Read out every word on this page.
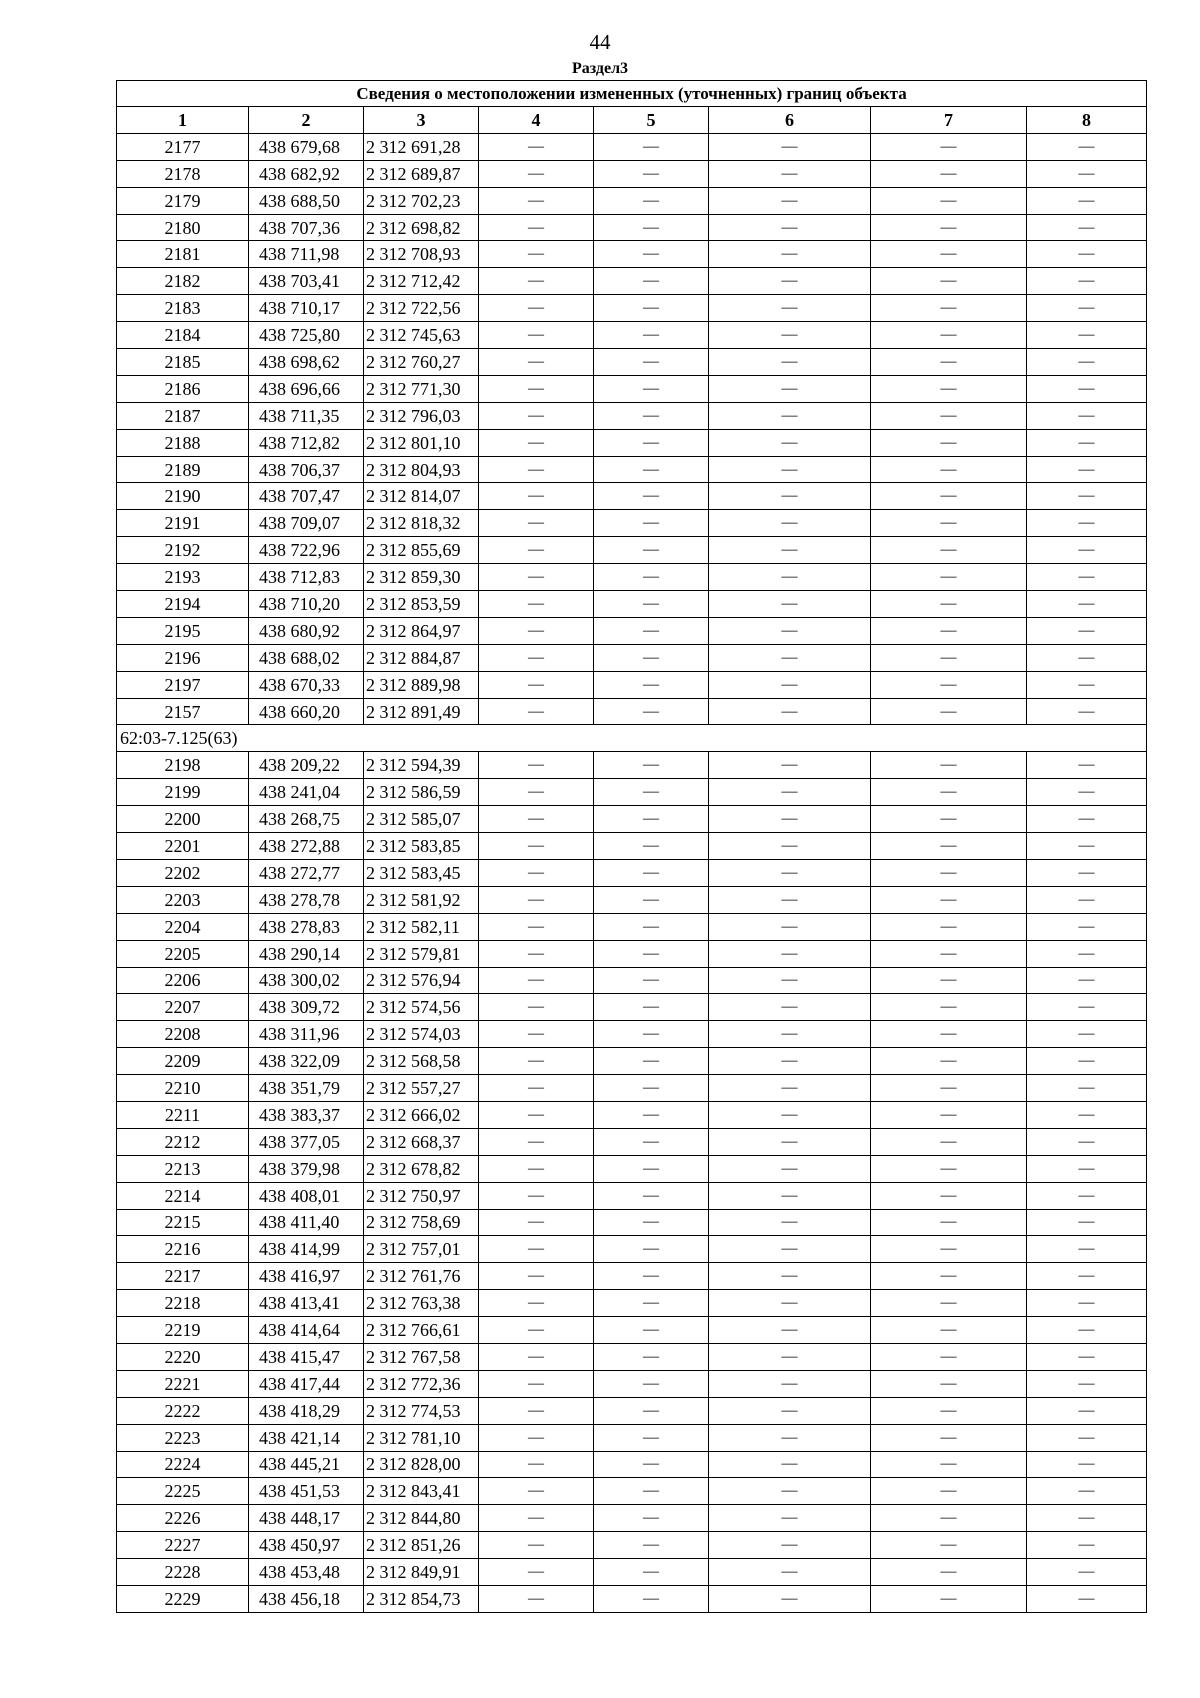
44
Раздел3
Сведения о местоположении измененных (уточненных) границ объекта							
1	2	3	4	5	6	7	8
2177	438 679,68	2 312 691,28	—	—	—	—	—
2178	438 682,92	2 312 689,87	—	—	—	—	—
2179	438 688,50	2 312 702,23	—	—	—	—	—
2180	438 707,36	2 312 698,82	—	—	—	—	—
2181	438 711,98	2 312 708,93	—	—	—	—	—
2182	438 703,41	2 312 712,42	—	—	—	—	—
2183	438 710,17	2 312 722,56	—	—	—	—	—
2184	438 725,80	2 312 745,63	—	—	—	—	—
2185	438 698,62	2 312 760,27	—	—	—	—	—
2186	438 696,66	2 312 771,30	—	—	—	—	—
2187	438 711,35	2 312 796,03	—	—	—	—	—
2188	438 712,82	2 312 801,10	—	—	—	—	—
2189	438 706,37	2 312 804,93	—	—	—	—	—
2190	438 707,47	2 312 814,07	—	—	—	—	—
2191	438 709,07	2 312 818,32	—	—	—	—	—
2192	438 722,96	2 312 855,69	—	—	—	—	—
2193	438 712,83	2 312 859,30	—	—	—	—	—
2194	438 710,20	2 312 853,59	—	—	—	—	—
2195	438 680,92	2 312 864,97	—	—	—	—	—
2196	438 688,02	2 312 884,87	—	—	—	—	—
2197	438 670,33	2 312 889,98	—	—	—	—	—
2157	438 660,20	2 312 891,49	—	—	—	—	—
62:03-7.125(63)							
2198	438 209,22	2 312 594,39	—	—	—	—	—
2199	438 241,04	2 312 586,59	—	—	—	—	—
2200	438 268,75	2 312 585,07	—	—	—	—	—
2201	438 272,88	2 312 583,85	—	—	—	—	—
2202	438 272,77	2 312 583,45	—	—	—	—	—
2203	438 278,78	2 312 581,92	—	—	—	—	—
2204	438 278,83	2 312 582,11	—	—	—	—	—
2205	438 290,14	2 312 579,81	—	—	—	—	—
2206	438 300,02	2 312 576,94	—	—	—	—	—
2207	438 309,72	2 312 574,56	—	—	—	—	—
2208	438 311,96	2 312 574,03	—	—	—	—	—
2209	438 322,09	2 312 568,58	—	—	—	—	—
2210	438 351,79	2 312 557,27	—	—	—	—	—
2211	438 383,37	2 312 666,02	—	—	—	—	—
2212	438 377,05	2 312 668,37	—	—	—	—	—
2213	438 379,98	2 312 678,82	—	—	—	—	—
2214	438 408,01	2 312 750,97	—	—	—	—	—
2215	438 411,40	2 312 758,69	—	—	—	—	—
2216	438 414,99	2 312 757,01	—	—	—	—	—
2217	438 416,97	2 312 761,76	—	—	—	—	—
2218	438 413,41	2 312 763,38	—	—	—	—	—
2219	438 414,64	2 312 766,61	—	—	—	—	—
2220	438 415,47	2 312 767,58	—	—	—	—	—
2221	438 417,44	2 312 772,36	—	—	—	—	—
2222	438 418,29	2 312 774,53	—	—	—	—	—
2223	438 421,14	2 312 781,10	—	—	—	—	—
2224	438 445,21	2 312 828,00	—	—	—	—	—
2225	438 451,53	2 312 843,41	—	—	—	—	—
2226	438 448,17	2 312 844,80	—	—	—	—	—
2227	438 450,97	2 312 851,26	—	—	—	—	—
2228	438 453,48	2 312 849,91	—	—	—	—	—
2229	438 456,18	2 312 854,73	—	—	—	—	—
